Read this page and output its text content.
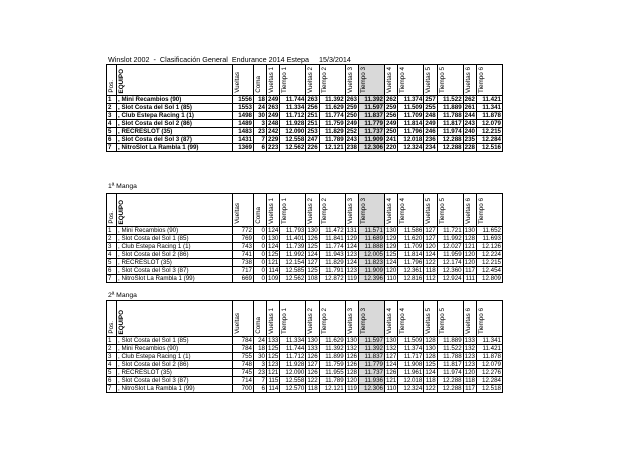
Winslot 2002  -  Clasificación General  Endurance 2014 Estepa     15/3/2014
1ª Manga
2ª Manga
Pos.	EQUIPO	Vueltas	Coma	Vueltas 1	Tiempo 1	Vueltas 2	Tiempo 2	Vueltas 3	Tiempo 3	Vueltas 4	Tiempo 4	Vueltas 5	Tiempo 5	Vueltas 6	Tiempo 6
1	, Mini Recambios (90)	1556	18	249	11.744	263	11.392	263	11.392	262	11.374	257	11.522	262	11.421
2	, Slot Costa del Sol 1 (85)	1553	24	263	11.334	256	11.629	259	11.597	259	11.509	255	11.889	261	11.341
3	, Club Estepa Racing 1 (1)	1498	30	249	11.712	251	11.774	250	11.837	256	11.709	248	11.788	244	11.878
4	, Slot Costa del Sol 2 (86)	1489	3	248	11.928	251	11.759	249	11.779	249	11.814	249	11.817	243	12.079
5	, RECRESLOT (35)	1483	23	242	12.090	253	11.829	252	11.737	250	11.796	246	11.974	240	12.215
6	, Slot Costa del Sol 3 (87)	1431	7	229	12.558	247	11.789	243	11.909	241	12.018	236	12.288	235	12.284
7	, NitroSlot La Rambla 1 (99)	1369	6	223	12.562	226	12.121	238	12.306	220	12.324	234	12.288	228	12.516
Pos.	EQUIPO	Vueltas	Coma	Vueltas 1	Tiempo 1	Vueltas 2	Tiempo 2	Vueltas 3	Tiempo 3	Vueltas 4	Tiempo 4	Vueltas 5	Tiempo 5	Vueltas 6	Tiempo 6
1	, Mini Recambios (90)	772	0	124	11.793	130	11.472	131	11.571	130	11.586	127	11.721	130	11.652
2	, Slot Costa del Sol 1 (85)	769	0	130	11.401	126	11.841	129	11.689	129	11.620	127	11.992	128	11.693
3	, Club Estepa Racing 1 (1)	743	0	124	11.739	125	11.774	124	11.888	129	11.709	120	12.027	121	12.126
4	, Slot Costa del Sol 2 (86)	741	0	125	11.992	124	11.943	123	12.005	125	11.814	124	11.959	120	12.224
5	, RECRESLOT (35)	738	0	121	12.154	127	11.829	124	11.823	124	11.796	122	12.174	120	12.215
6	, Slot Costa del Sol 3 (87)	717	0	114	12.585	125	11.791	123	11.909	120	12.361	118	12.360	117	12.454
7	, NitroSlot La Rambla 1 (99)	669	0	109	12.562	108	12.872	119	12.396	110	12.816	112	12.924	111	12.809
Pos.	EQUIPO	Vueltas	Coma	Vueltas 1	Tiempo 1	Vueltas 2	Tiempo 2	Vueltas 3	Tiempo 3	Vueltas 4	Tiempo 4	Vueltas 5	Tiempo 5	Vueltas 6	Tiempo 6
1	, Slot Costa del Sol 1 (85)	784	24	133	11.334	130	11.629	130	11.597	130	11.509	128	11.889	133	11.341
2	, Mini Recambios (90)	784	18	125	11.744	133	11.392	132	11.392	132	11.374	130	11.522	132	11.421
3	, Club Estepa Racing 1 (1)	755	30	125	11.712	126	11.899	126	11.837	127	11.717	128	11.788	123	11.878
4	, Slot Costa del Sol 2 (86)	748	3	123	11.928	127	11.759	126	11.779	124	11.908	125	11.817	123	12.079
5	, RECRESLOT (35)	745	23	121	12.090	126	11.955	128	11.737	126	11.961	124	11.974	120	12.276
6	, Slot Costa del Sol 3 (87)	714	7	115	12.558	122	11.789	120	11.936	121	12.018	118	12.288	118	12.284
7	, NitroSlot La Rambla 1 (99)	700	6	114	12.570	118	12.121	119	12.306	110	12.324	122	12.288	117	12.518
